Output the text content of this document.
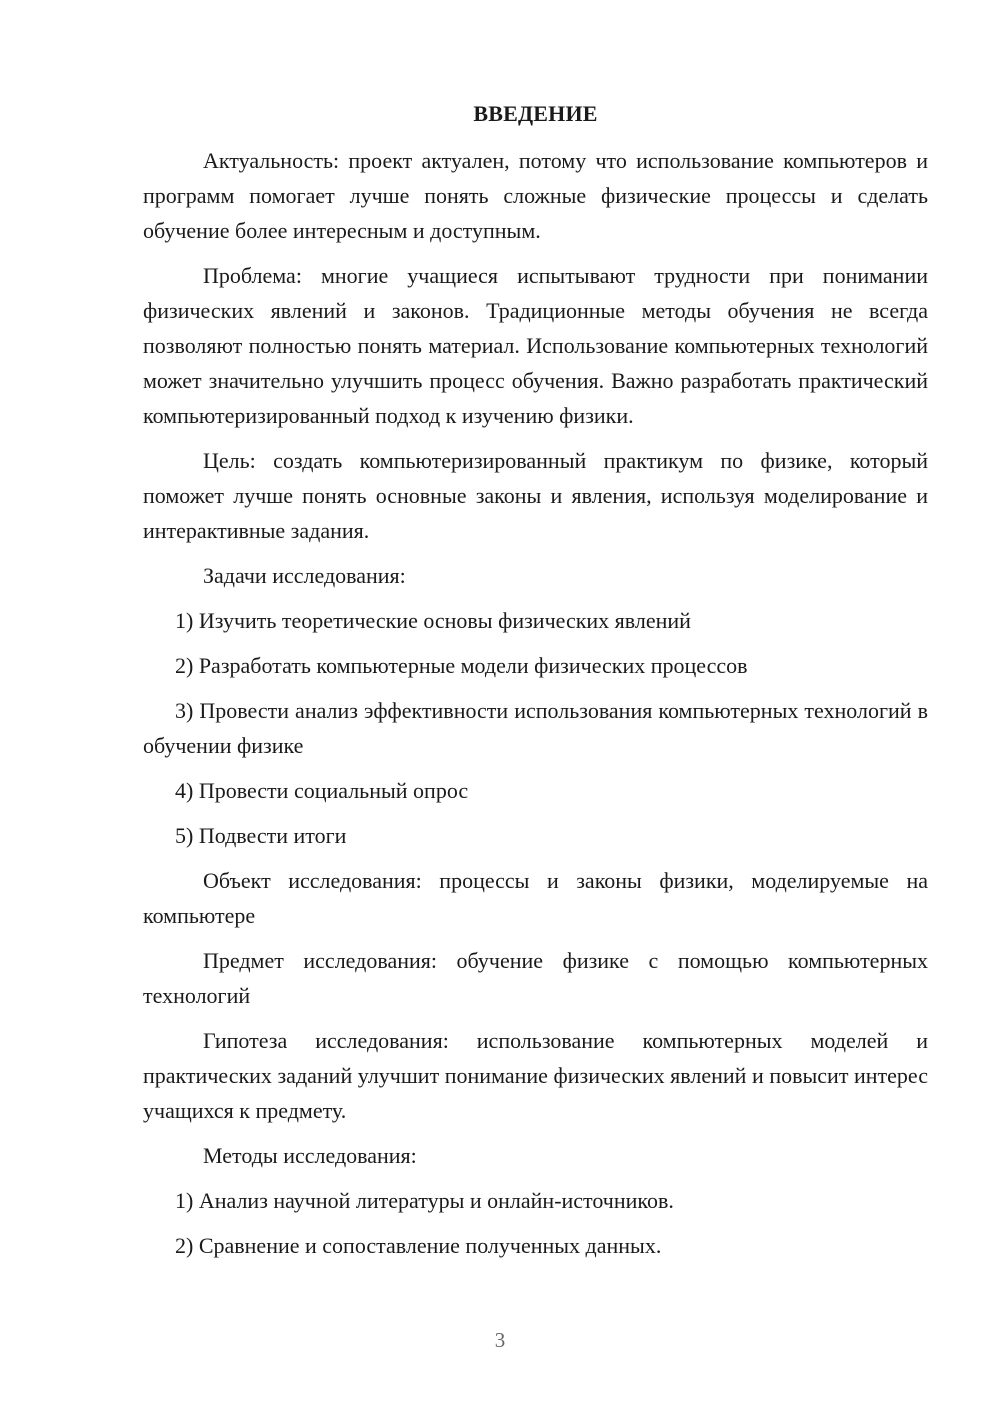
ВВЕДЕНИЕ

Актуальность: проект актуален, потому что использование компьютеров и программ помогает лучше понять сложные физические процессы и сделать обучение более интересным и доступным.

Проблема: многие учащиеся испытывают трудности при понимании физических явлений и законов. Традиционные методы обучения не всегда позволяют полностью понять материал. Использование компьютерных технологий может значительно улучшить процесс обучения. Важно разработать практический компьютеризированный подход к изучению физики.

Цель: создать компьютеризированный практикум по физике, который поможет лучше понять основные законы и явления, используя моделирование и интерактивные задания.

Задачи исследования:

1) Изучить теоретические основы физических явлений

2) Разработать компьютерные модели физических процессов

3) Провести анализ эффективности использования компьютерных технологий в обучении физике

4) Провести социальный опрос

5) Подвести итоги

Объект исследования: процессы и законы физики, моделируемые на компьютере

Предмет исследования: обучение физике с помощью компьютерных технологий

Гипотеза исследования: использование компьютерных моделей и практических заданий улучшит понимание физических явлений и повысит интерес учащихся к предмету.

Методы исследования:

1) Анализ научной литературы и онлайн-источников.

2) Сравнение и сопоставление полученных данных.

3
